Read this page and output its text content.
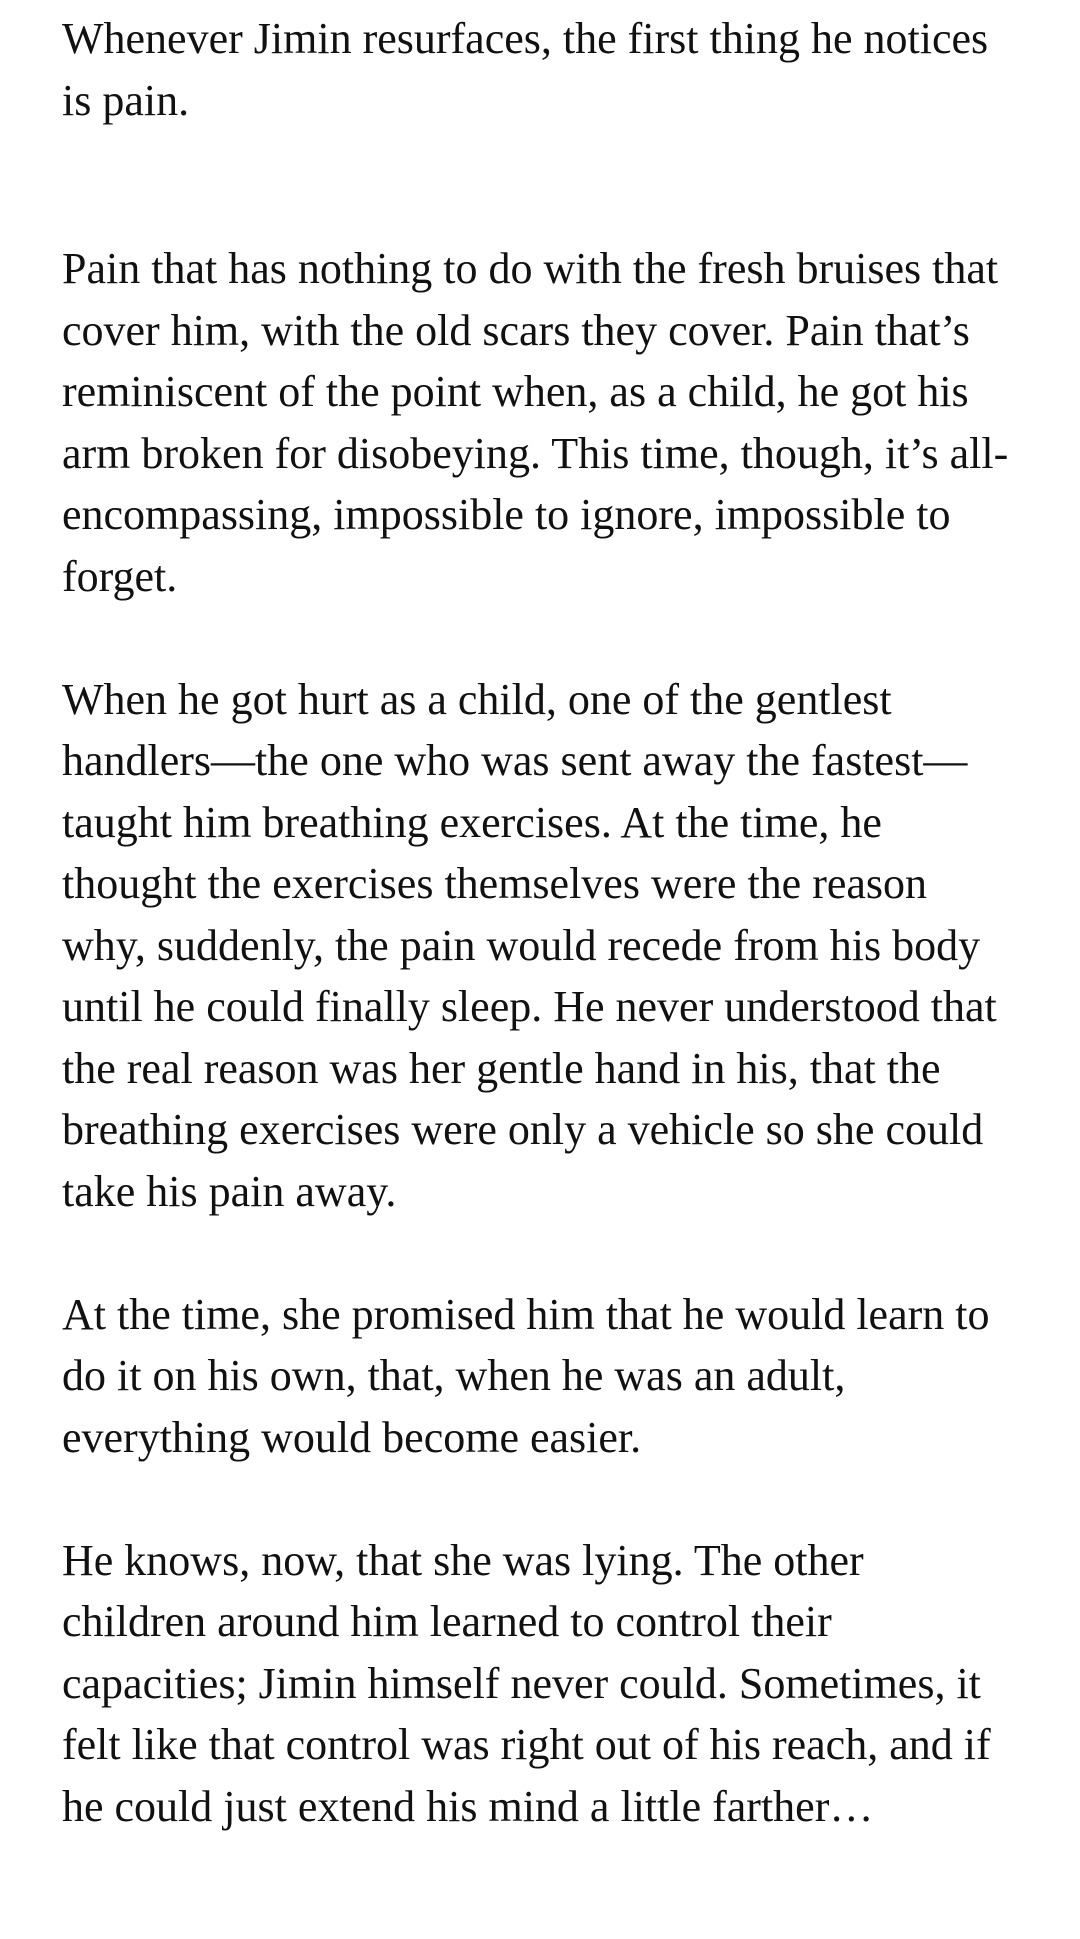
Whenever Jimin resurfaces, the first thing he notices is pain.

Pain that has nothing to do with the fresh bruises that cover him, with the old scars they cover. Pain that’s reminiscent of the point when, as a child, he got his arm broken for disobeying. This time, though, it’s all-encompassing, impossible to ignore, impossible to forget.

When he got hurt as a child, one of the gentlest handlers—the one who was sent away the fastest—taught him breathing exercises. At the time, he thought the exercises themselves were the reason why, suddenly, the pain would recede from his body until he could finally sleep. He never understood that the real reason was her gentle hand in his, that the breathing exercises were only a vehicle so she could take his pain away.

At the time, she promised him that he would learn to do it on his own, that, when he was an adult, everything would become easier.

He knows, now, that she was lying. The other children around him learned to control their capacities; Jimin himself never could. Sometimes, it felt like that control was right out of his reach, and if he could just extend his mind a little farther…
